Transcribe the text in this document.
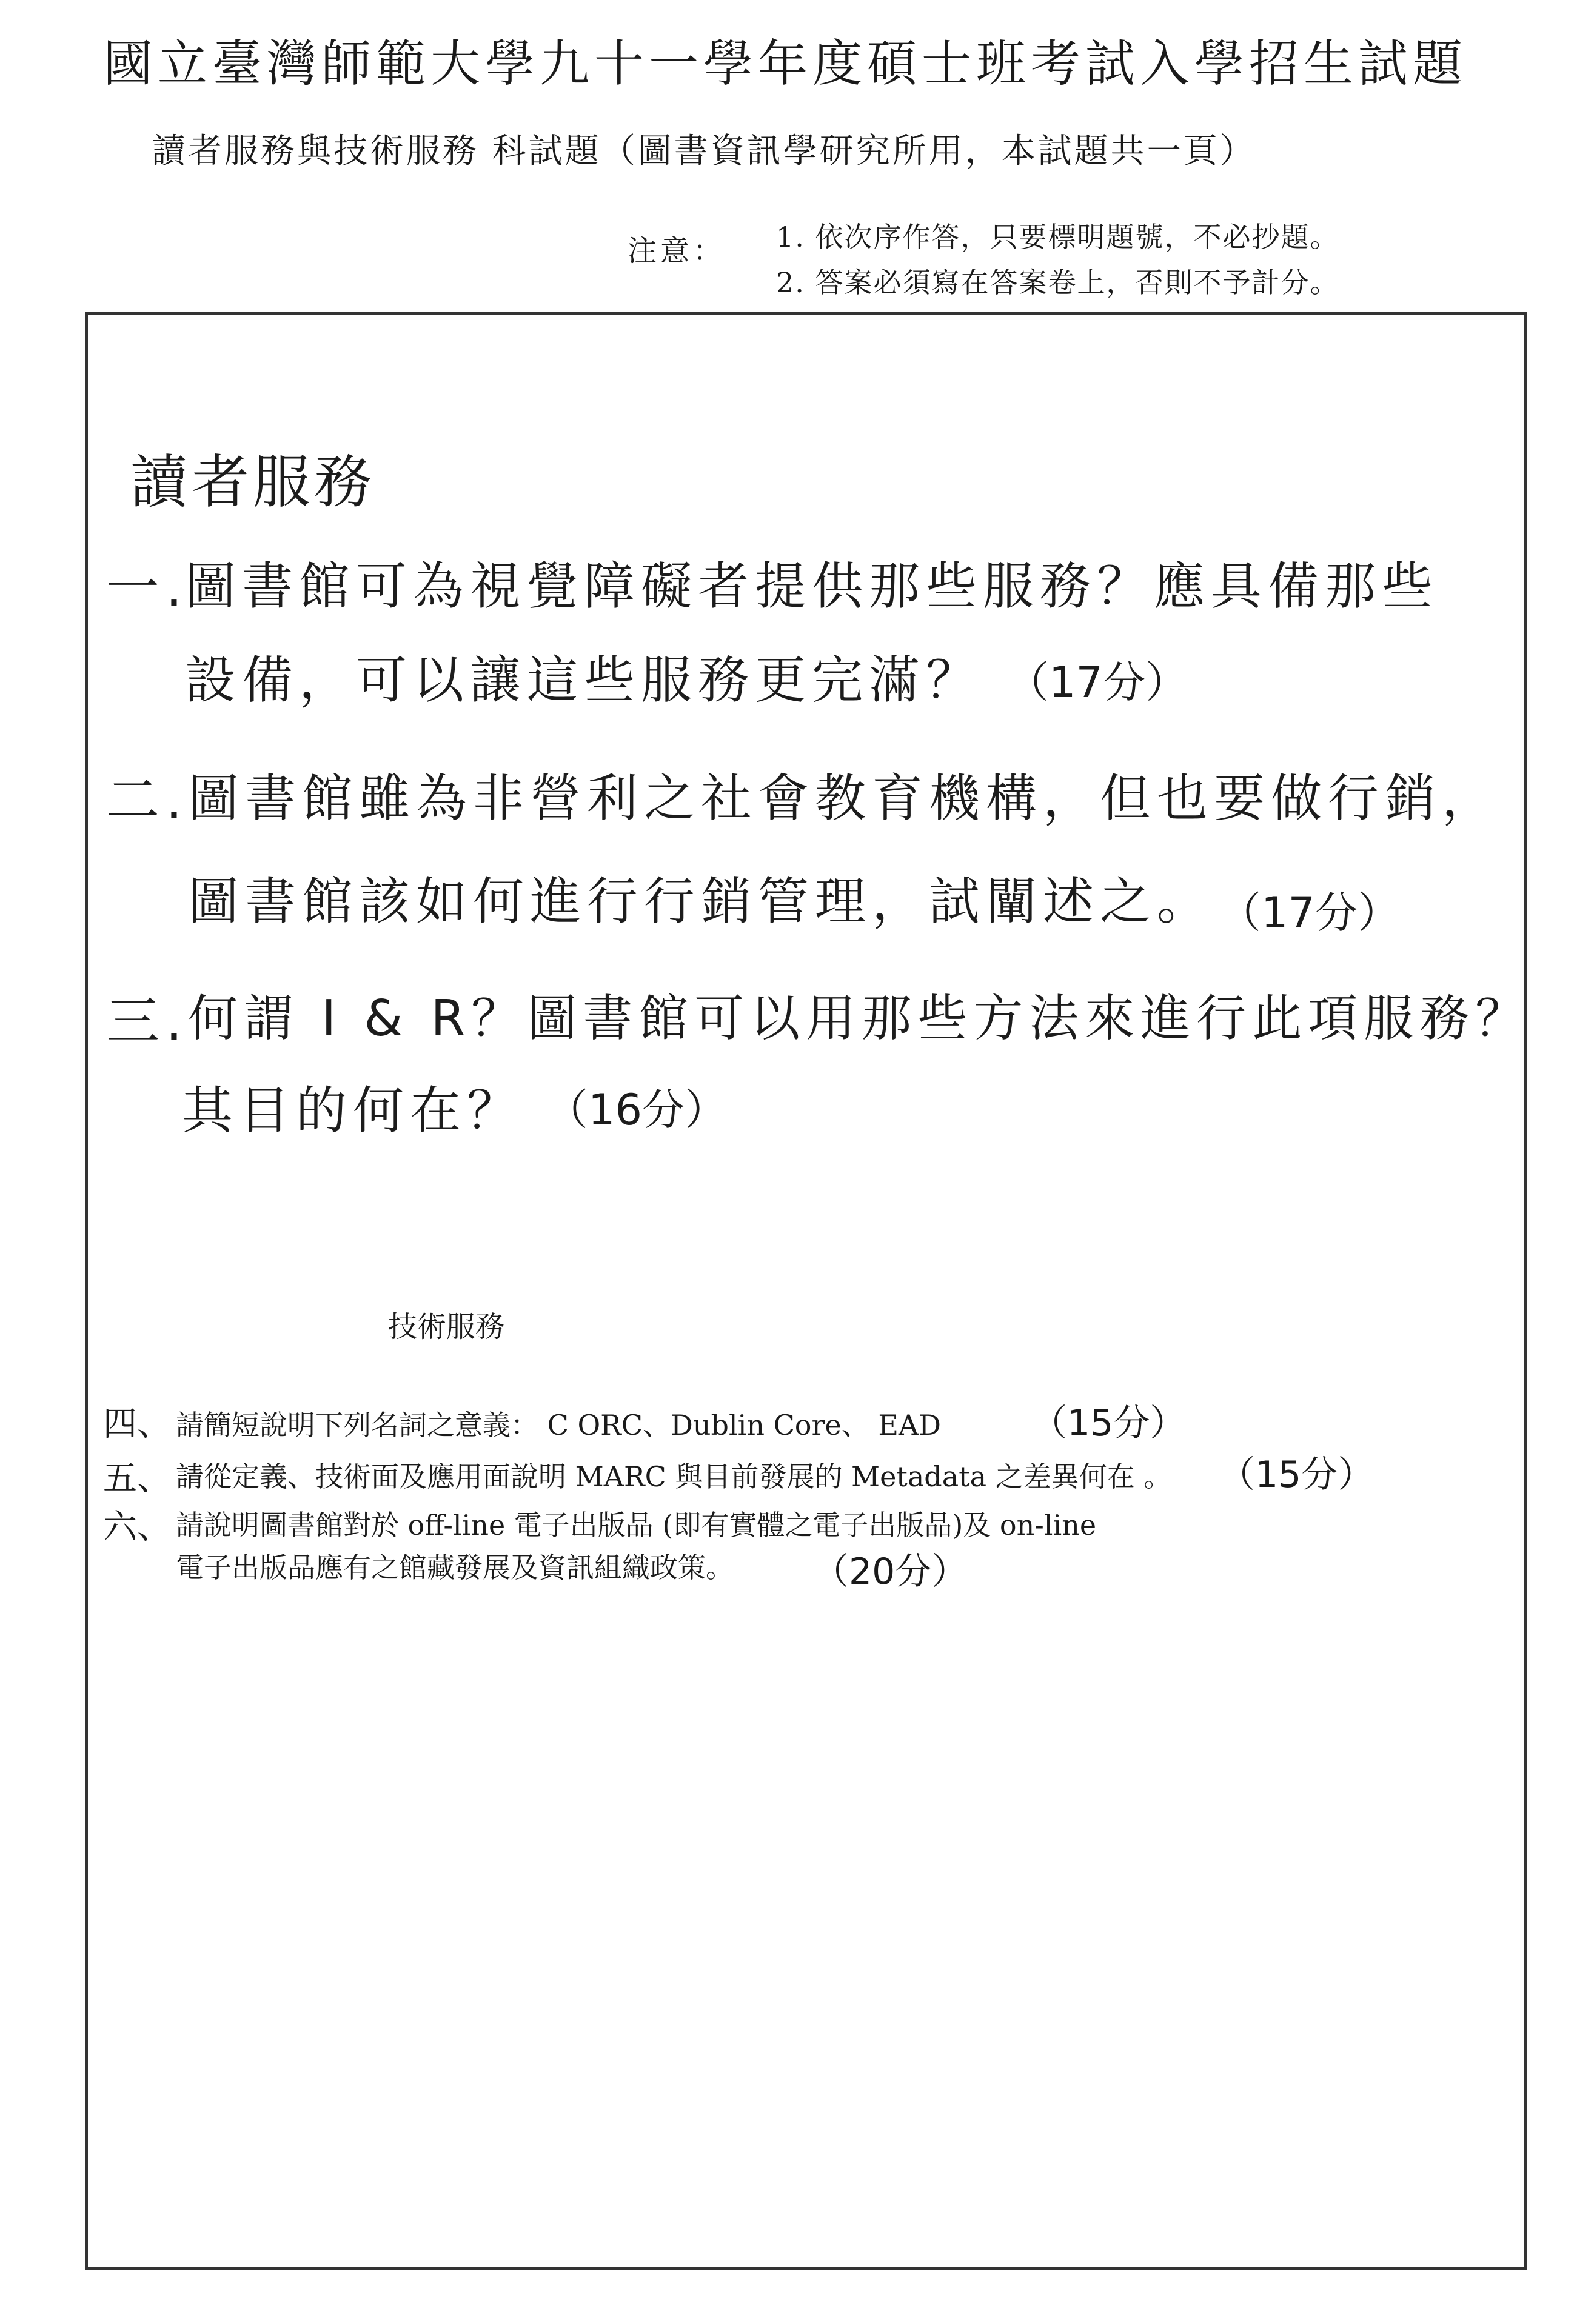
國立臺灣師範大學九十一學年度碩士班考試入學招生試題
讀者服務與技術服務 科試題（圖書資訊學研究所用，本試題共一頁）
注意： 1. 依次序作答，只要標明題號，不必抄題。
2. 答案必須寫在答案卷上，否則不予計分。
讀者服務
一.
圖書館可為視覺障礙者提供那些服務？應具備那些
設備，可以讓這些服務更完滿？ （17分）
二. 圖書館雖為非營利之社會教育機構，但也要做行銷，
圖書館該如何進行行銷管理，試闡述之。 （17分）
三. 何謂 I & R？圖書館可以用那些方法來進行此項服務？
其目的何在？ （16分）
技術服務
四、 請簡短說明下列名詞之意義： C ORC、Dublin Core、 EAD （15分）
五、 請從定義、技術面及應用面說明 MARC 與目前發展的 Metadata 之差異何在 。 （15分）
六、 請說明圖書館對於 off-line 電子出版品 (即有實體之電子出版品)及 on-line
電子出版品應有之館藏發展及資訊組織政策。 （20分）
